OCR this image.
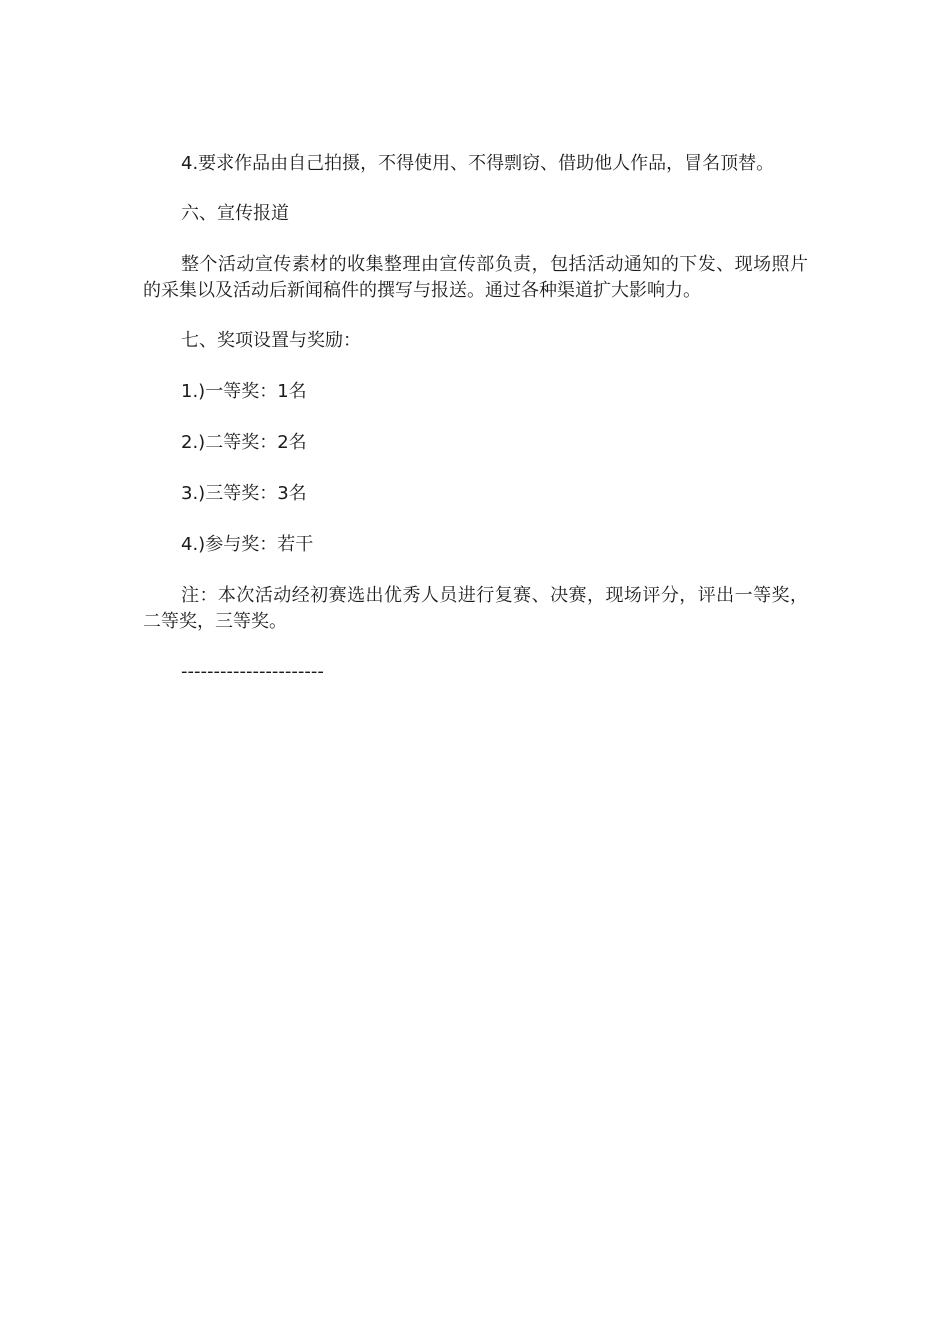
4.要求作品由自己拍摄，不得使用、不得剽窃、借助他人作品，冒名顶替。

六、宣传报道

整个活动宣传素材的收集整理由宣传部负责，包括活动通知的下发、现场照片的采集以及活动后新闻稿件的撰写与报送。通过各种渠道扩大影响力。

七、奖项设置与奖励：

1.)一等奖：1名

2.)二等奖：2名

3.)三等奖：3名

4.)参与奖：若干

注：本次活动经初赛选出优秀人员进行复赛、决赛，现场评分，评出一等奖，二等奖，三等奖。

----------------------
